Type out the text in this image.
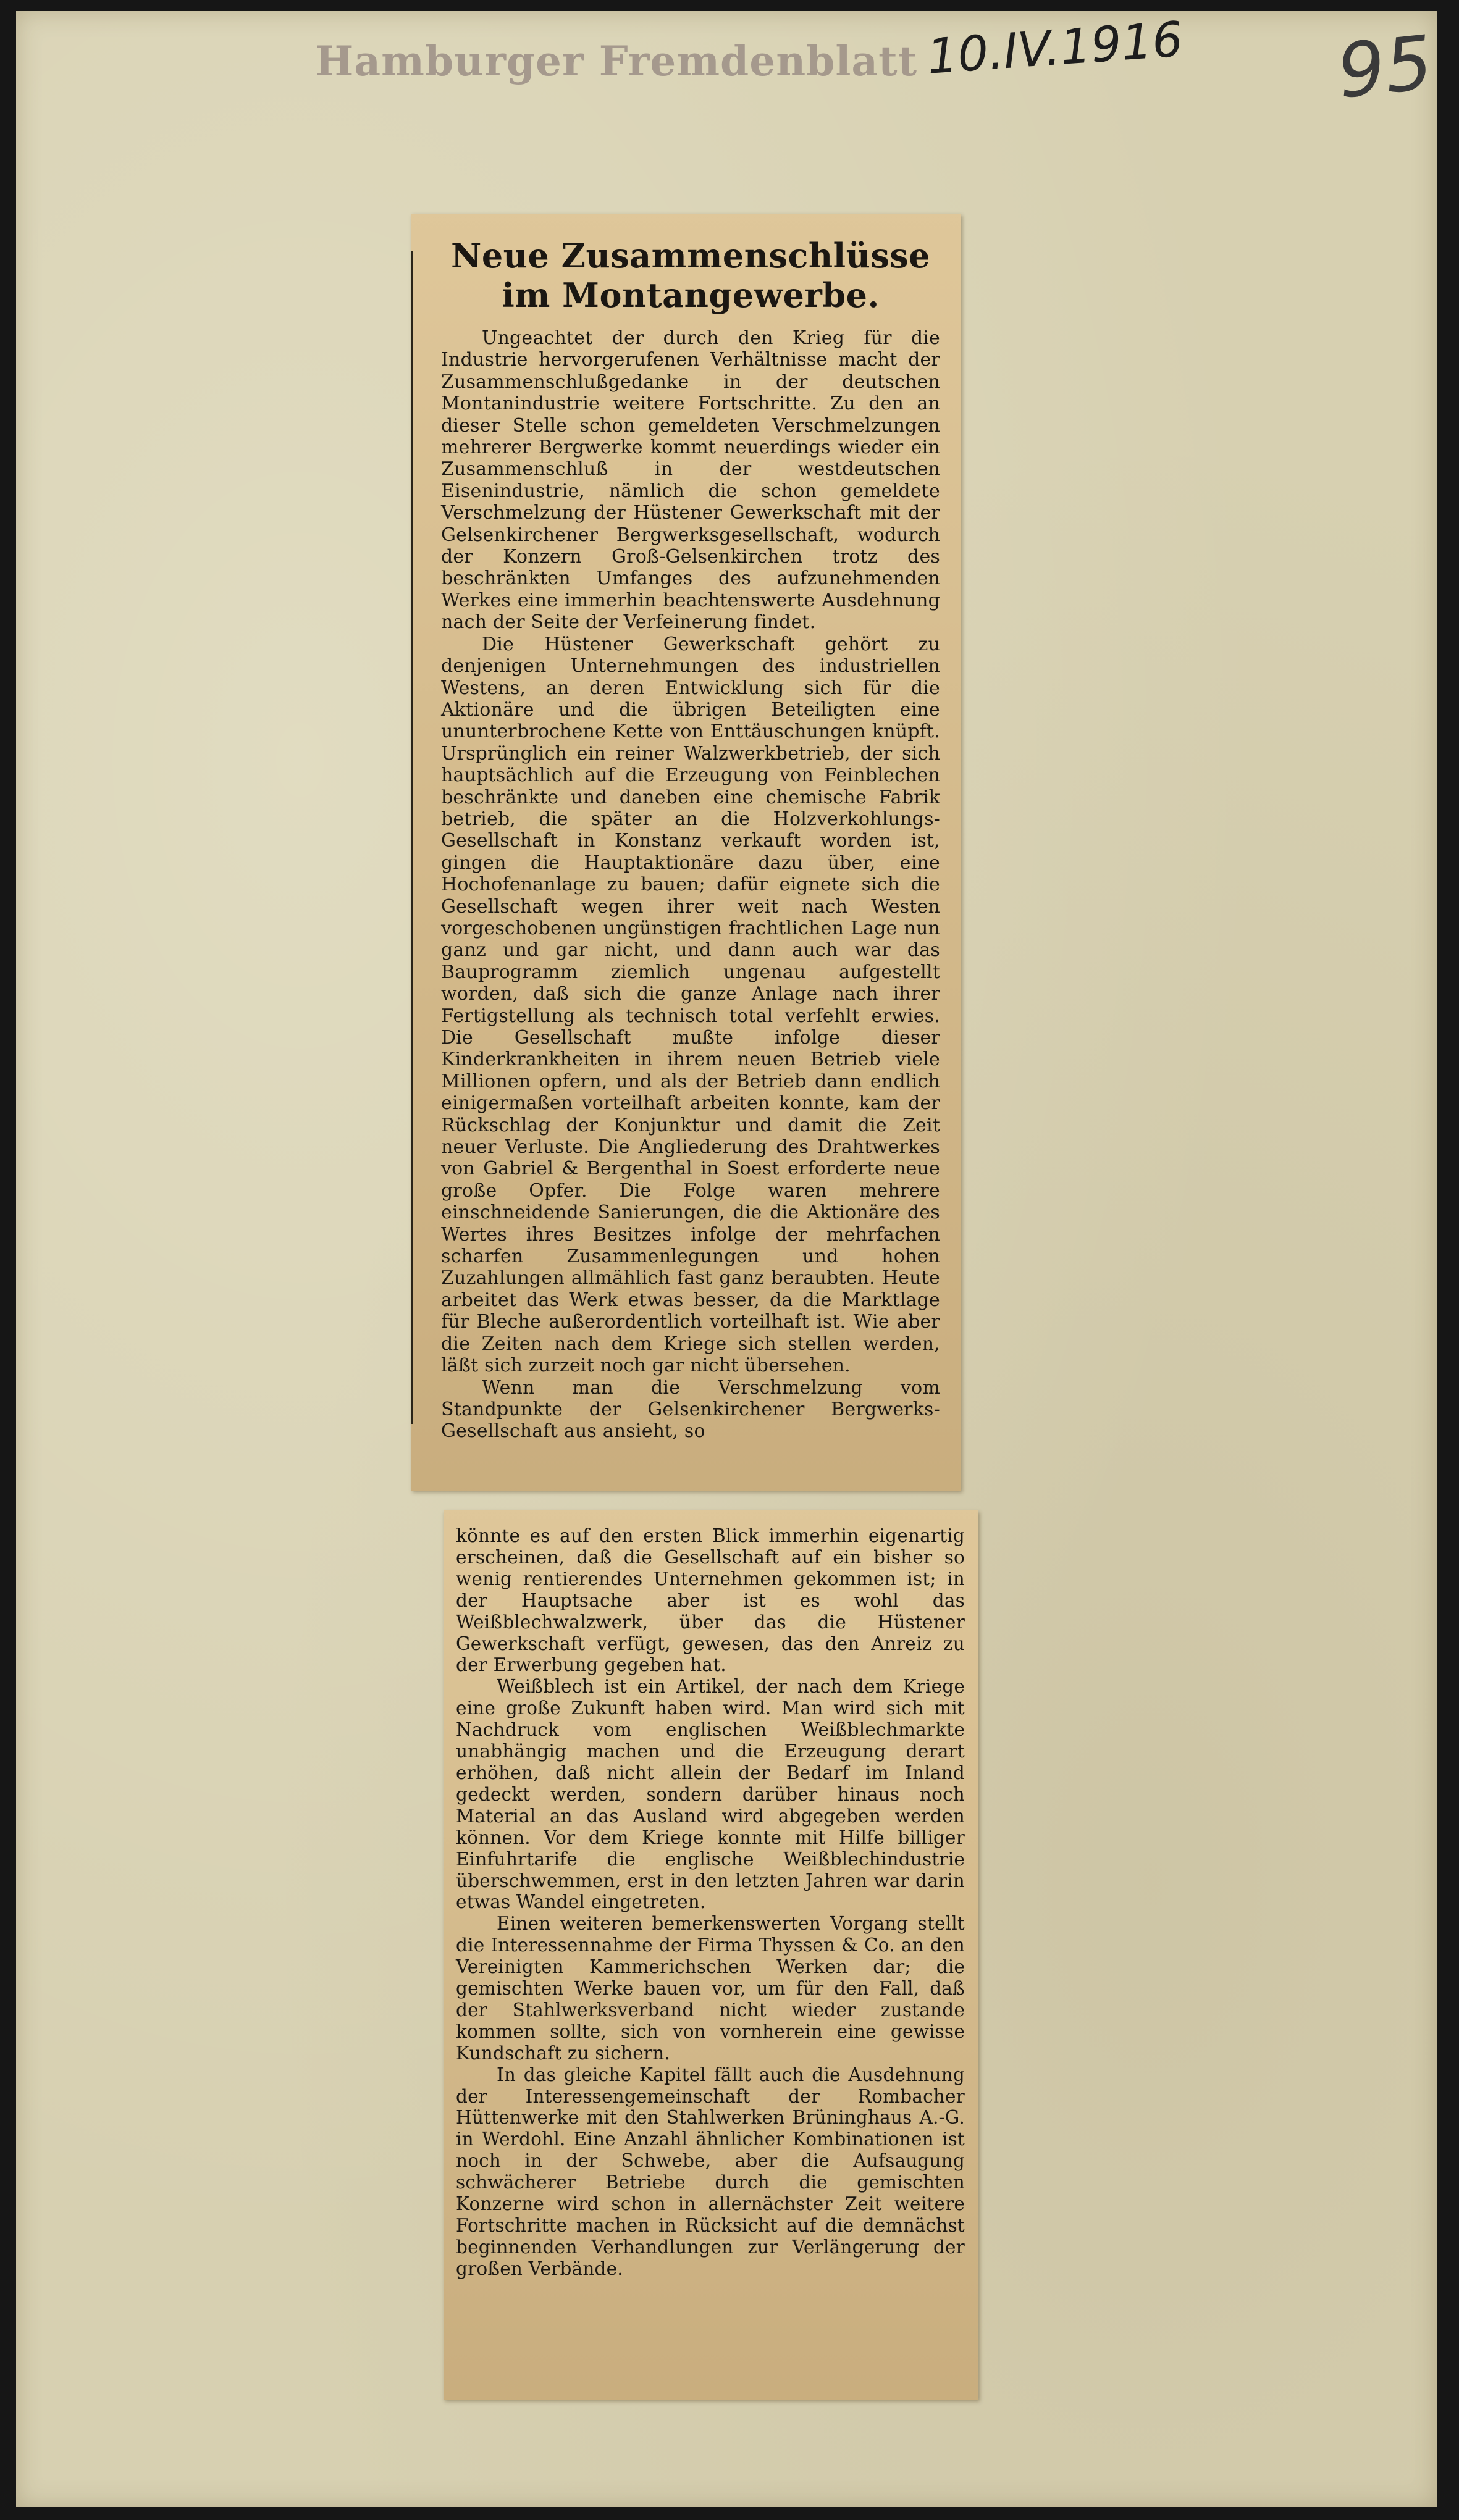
Hamburger Fremdenblatt 10.IV.1916 95
Neue Zusammenschlüsse
im Montangewerbe.

Ungeachtet der durch den Krieg für die Industrie hervorgerufenen Verhältnisse macht der Zusammenschlußgedanke in der deutschen Montanindustrie weitere Fortschritte. Zu den an dieser Stelle schon gemeldeten Verschmelzungen mehrerer Bergwerke kommt neuerdings wieder ein Zusammenschluß in der westdeutschen Eisenindustrie, nämlich die schon gemeldete Verschmelzung der Hüstener Gewerkschaft mit der Gelsenkirchener Bergwerksgesellschaft, wodurch der Konzern Groß-Gelsenkirchen trotz des beschränkten Umfanges des aufzunehmenden Werkes eine immerhin beachtenswerte Ausdehnung nach der Seite der Verfeinerung findet.

Die Hüstener Gewerkschaft gehört zu denjenigen Unternehmungen des industriellen Westens, an deren Entwicklung sich für die Aktionäre und die übrigen Beteiligten eine ununterbrochene Kette von Enttäuschungen knüpft. Ursprünglich ein reiner Walzwerkbetrieb, der sich hauptsächlich auf die Erzeugung von Feinblechen beschränkte und daneben eine chemische Fabrik betrieb, die später an die Holzverkohlungs-Gesellschaft in Konstanz verkauft worden ist, gingen die Hauptaktionäre dazu über, eine Hochofenanlage zu bauen; dafür eignete sich die Gesellschaft wegen ihrer weit nach Westen vorgeschobenen ungünstigen frachtlichen Lage nun ganz und gar nicht, und dann auch war das Bauprogramm ziemlich ungenau aufgestellt worden, daß sich die ganze Anlage nach ihrer Fertigstellung als technisch total verfehlt erwies. Die Gesellschaft mußte infolge dieser Kinderkrankheiten in ihrem neuen Betrieb viele Millionen opfern, und als der Betrieb dann endlich einigermaßen vorteilhaft arbeiten konnte, kam der Rückschlag der Konjunktur und damit die Zeit neuer Verluste. Die Angliederung des Drahtwerkes von Gabriel & Bergenthal in Soest erforderte neue große Opfer. Die Folge waren mehrere einschneidende Sanierungen, die die Aktionäre des Wertes ihres Besitzes infolge der mehrfachen scharfen Zusammenlegungen und hohen Zuzahlungen allmählich fast ganz beraubten. Heute arbeitet das Werk etwas besser, da die Marktlage für Bleche außerordentlich vorteilhaft ist. Wie aber die Zeiten nach dem Kriege sich stellen werden, läßt sich zurzeit noch gar nicht übersehen.

Wenn man die Verschmelzung vom Standpunkte der Gelsenkirchener Bergwerks-Gesellschaft aus ansieht, so

könnte es auf den ersten Blick immerhin eigenartig erscheinen, daß die Gesellschaft auf ein bisher so wenig rentierendes Unternehmen gekommen ist; in der Hauptsache aber ist es wohl das Weißblechwalzwerk, über das die Hüstener Gewerkschaft verfügt, gewesen, das den Anreiz zu der Erwerbung gegeben hat.

Weißblech ist ein Artikel, der nach dem Kriege eine große Zukunft haben wird. Man wird sich mit Nachdruck vom englischen Weißblechmarkte unabhängig machen und die Erzeugung derart erhöhen, daß nicht allein der Bedarf im Inland gedeckt werden, sondern darüber hinaus noch Material an das Ausland wird abgegeben werden können. Vor dem Kriege konnte mit Hilfe billiger Einfuhrtarife die englische Weißblechindustrie überschwemmen, erst in den letzten Jahren war darin etwas Wandel eingetreten.

Einen weiteren bemerkenswerten Vorgang stellt die Interessennahme der Firma Thyssen & Co. an den Vereinigten Kammerichschen Werken dar; die gemischten Werke bauen vor, um für den Fall, daß der Stahlwerksverband nicht wieder zustande kommen sollte, sich von vornherein eine gewisse Kundschaft zu sichern.

In das gleiche Kapitel fällt auch die Ausdehnung der Interessengemeinschaft der Rombacher Hüttenwerke mit den Stahlwerken Brüninghaus A.-G. in Werdohl. Eine Anzahl ähnlicher Kombinationen ist noch in der Schwebe, aber die Aufsaugung schwächerer Betriebe durch die gemischten Konzerne wird schon in allernächster Zeit weitere Fortschritte machen in Rücksicht auf die demnächst beginnenden Verhandlungen zur Verlängerung der großen Verbände.
